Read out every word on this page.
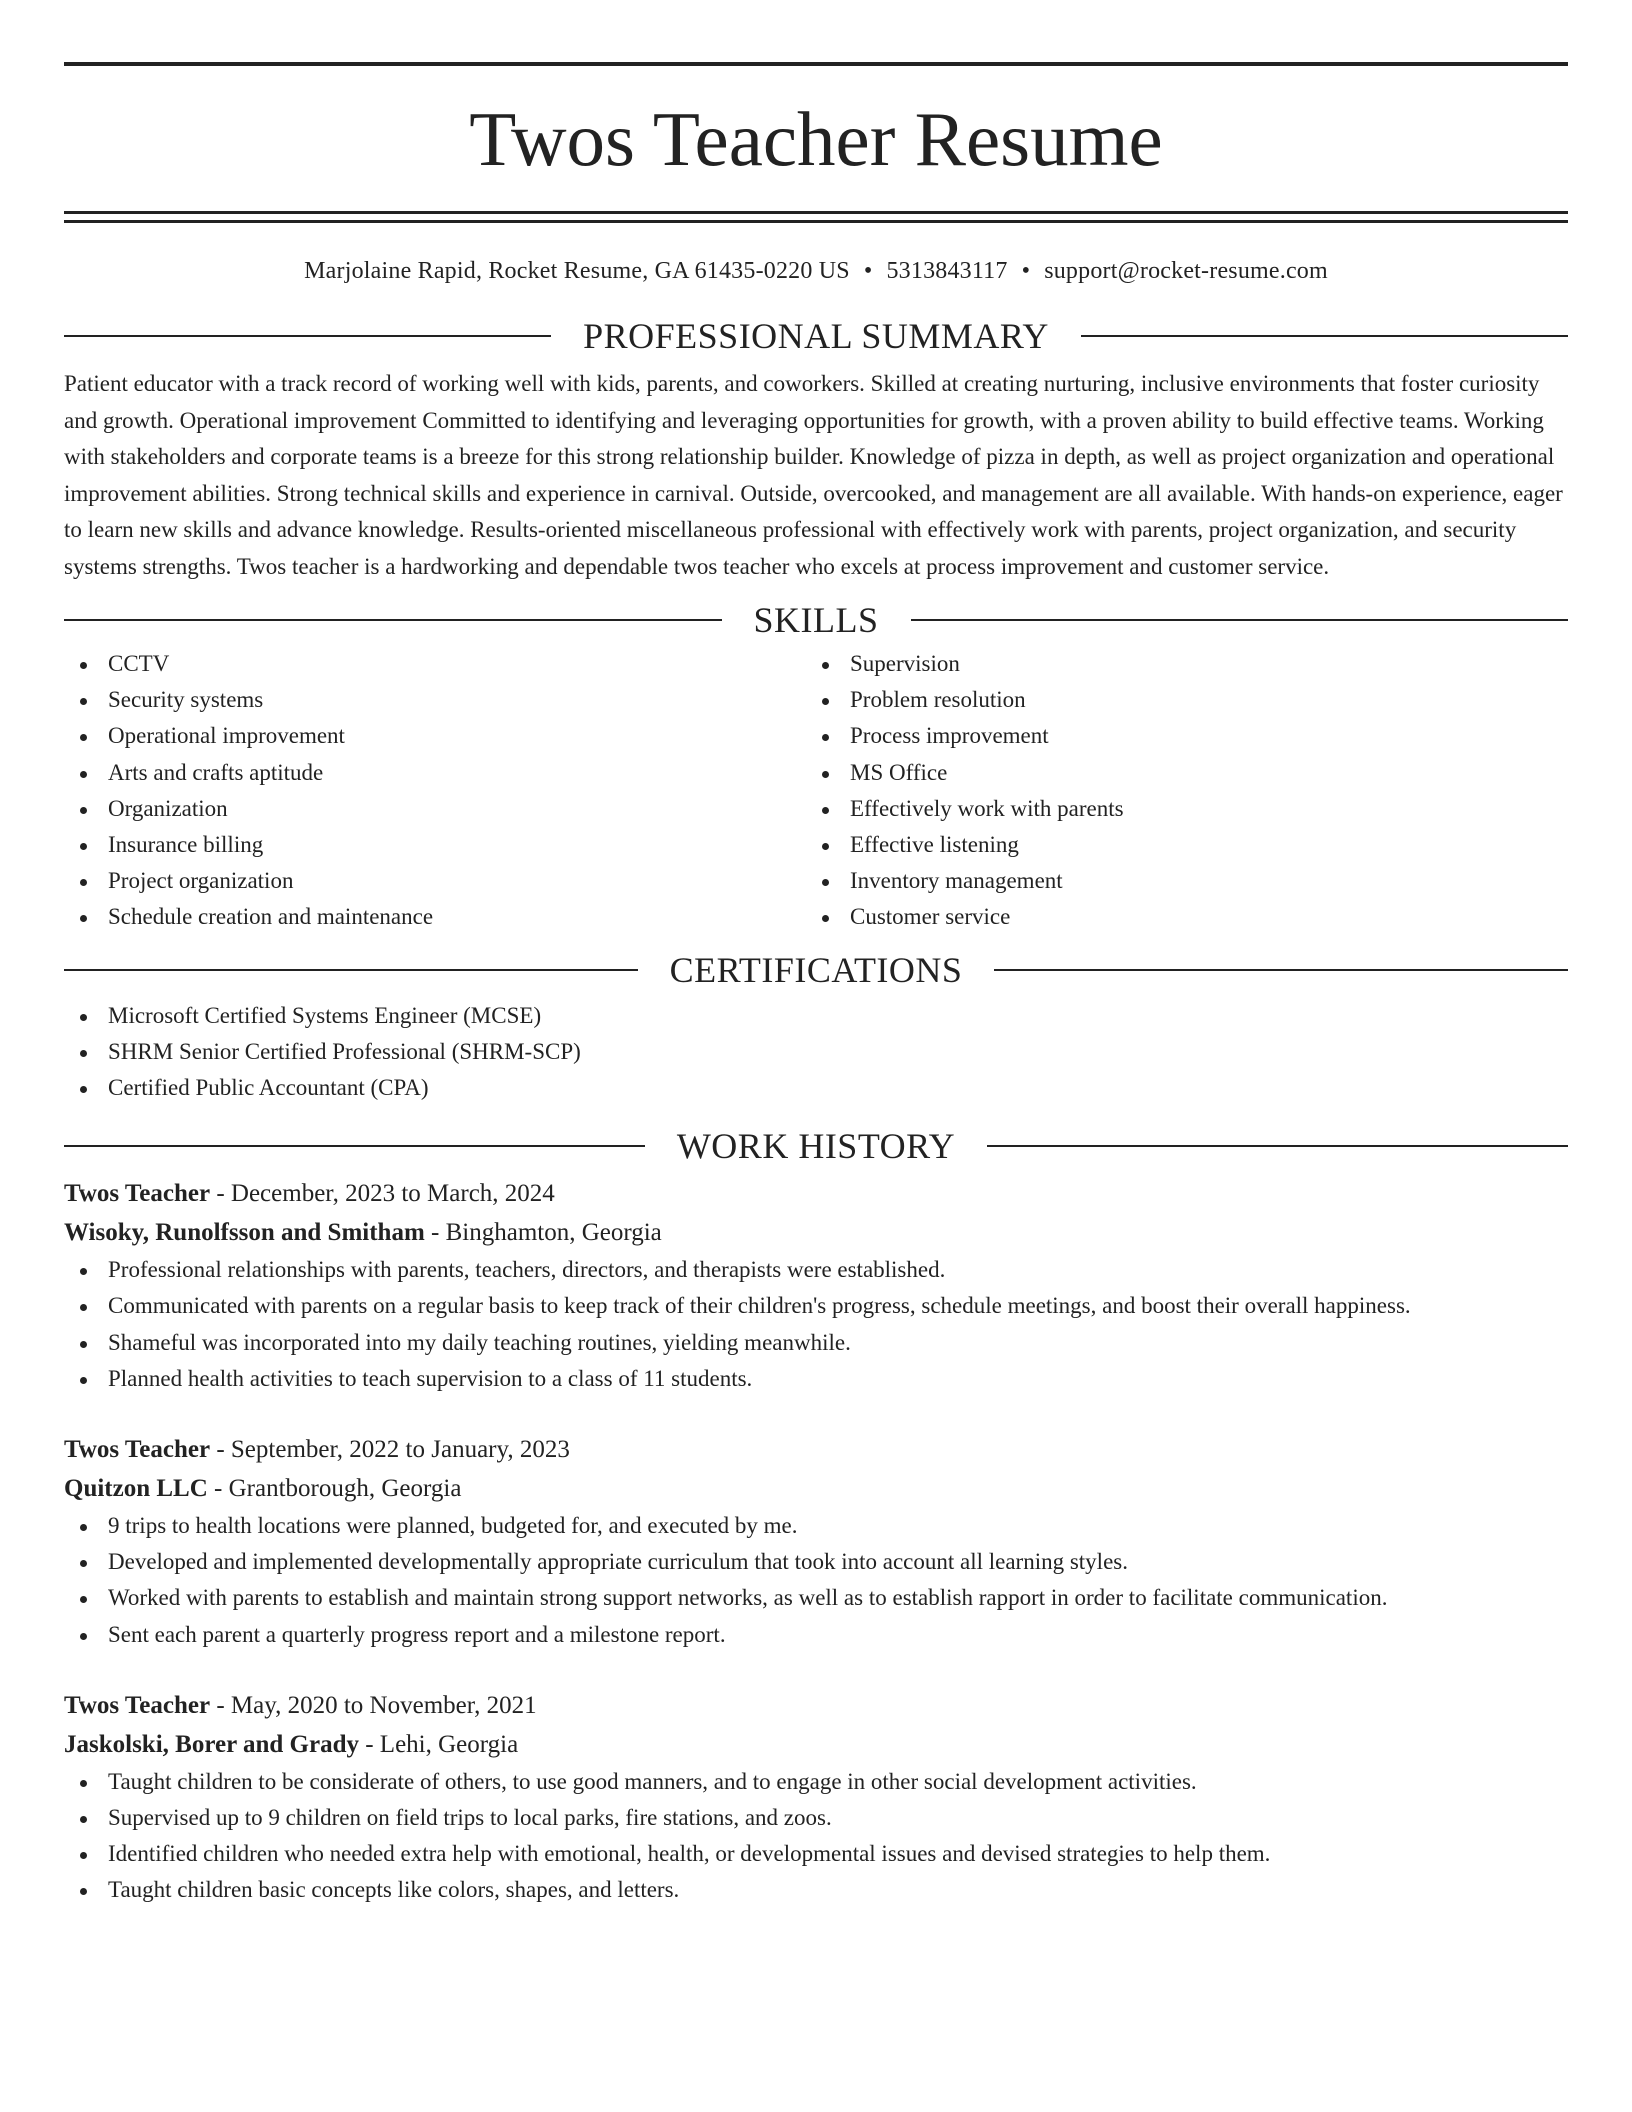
Twos Teacher Resume
Marjolaine Rapid, Rocket Resume, GA 61435-0220 US • 5313843117 • support@rocket-resume.com
PROFESSIONAL SUMMARY

Patient educator with a track record of working well with kids, parents, and coworkers. Skilled at creating nurturing, inclusive environments that foster curiosity and growth. Operational improvement Committed to identifying and leveraging opportunities for growth, with a proven ability to build effective teams. Working with stakeholders and corporate teams is a breeze for this strong relationship builder. Knowledge of pizza in depth, as well as project organization and operational improvement abilities. Strong technical skills and experience in carnival. Outside, overcooked, and management are all available. With hands-on experience, eager to learn new skills and advance knowledge. Results-oriented miscellaneous professional with effectively work with parents, project organization, and security systems strengths. Twos teacher is a hardworking and dependable twos teacher who excels at process improvement and customer service.

SKILLS
CCTV
Security systems
Operational improvement
Arts and crafts aptitude
Organization
Insurance billing
Project organization
Schedule creation and maintenance
Supervision
Problem resolution
Process improvement
MS Office
Effectively work with parents
Effective listening
Inventory management
Customer service
CERTIFICATIONS
Microsoft Certified Systems Engineer (MCSE)
SHRM Senior Certified Professional (SHRM-SCP)
Certified Public Accountant (CPA)
WORK HISTORY
Twos Teacher - December, 2023 to March, 2024
Wisoky, Runolfsson and Smitham - Binghamton, Georgia
Professional relationships with parents, teachers, directors, and therapists were established.
Communicated with parents on a regular basis to keep track of their children's progress, schedule meetings, and boost their overall happiness.
Shameful was incorporated into my daily teaching routines, yielding meanwhile.
Planned health activities to teach supervision to a class of 11 students.
Twos Teacher - September, 2022 to January, 2023
Quitzon LLC - Grantborough, Georgia
9 trips to health locations were planned, budgeted for, and executed by me.
Developed and implemented developmentally appropriate curriculum that took into account all learning styles.
Worked with parents to establish and maintain strong support networks, as well as to establish rapport in order to facilitate communication.
Sent each parent a quarterly progress report and a milestone report.
Twos Teacher - May, 2020 to November, 2021
Jaskolski, Borer and Grady - Lehi, Georgia
Taught children to be considerate of others, to use good manners, and to engage in other social development activities.
Supervised up to 9 children on field trips to local parks, fire stations, and zoos.
Identified children who needed extra help with emotional, health, or developmental issues and devised strategies to help them.
Taught children basic concepts like colors, shapes, and letters.
